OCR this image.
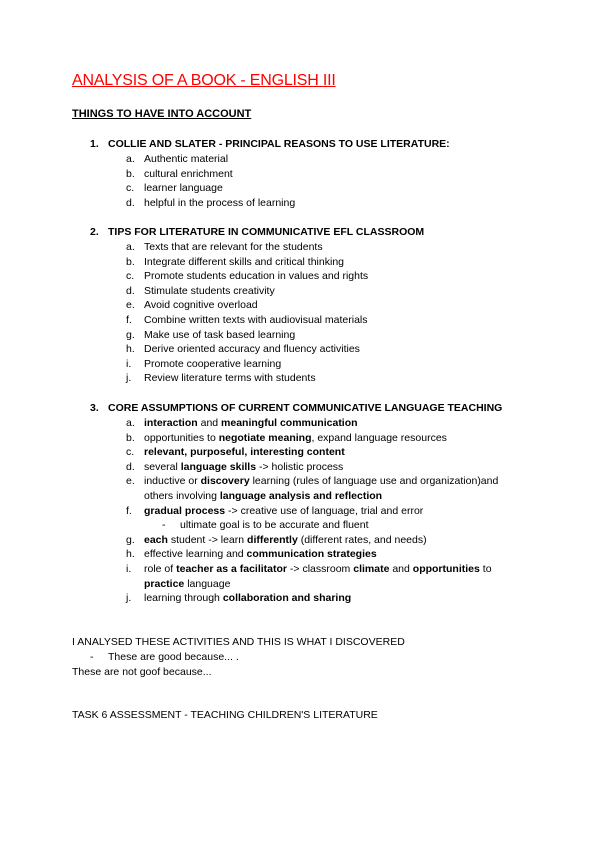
ANALYSIS OF A BOOK - ENGLISH III
THINGS TO HAVE INTO ACCOUNT
1. COLLIE AND SLATER - PRINCIPAL REASONS TO USE LITERATURE:
a. Authentic material
b. cultural enrichment
c. learner language
d. helpful in the process of learning
2. TIPS FOR LITERATURE IN COMMUNICATIVE EFL CLASSROOM
a. Texts that are relevant for the students
b. Integrate different skills and critical thinking
c. Promote students education in values and rights
d. Stimulate students creativity
e. Avoid cognitive overload
f. Combine written texts with audiovisual materials
g. Make use of task based learning
h. Derive oriented accuracy and fluency activities
i. Promote cooperative learning
j. Review literature terms with students
3. CORE ASSUMPTIONS OF CURRENT COMMUNICATIVE LANGUAGE TEACHING
a. interaction and meaningful communication
b. opportunities to negotiate meaning, expand language resources
c. relevant, purposeful, interesting content
d. several language skills -> holistic process
e. inductive or discovery learning (rules of language use and organization)and others involving language analysis and reflection
f. gradual process -> creative use of language, trial and error
- ultimate goal is to be accurate and fluent
g. each student -> learn differently (different rates, and needs)
h. effective learning and communication strategies
i. role of teacher as a facilitator -> classroom climate and opportunities to practice language
j. learning through collaboration and sharing
I ANALYSED THESE ACTIVITIES AND THIS IS WHAT I DISCOVERED
- These are good because... .
These are not goof because...
TASK 6 ASSESSMENT - TEACHING CHILDREN'S LITERATURE
